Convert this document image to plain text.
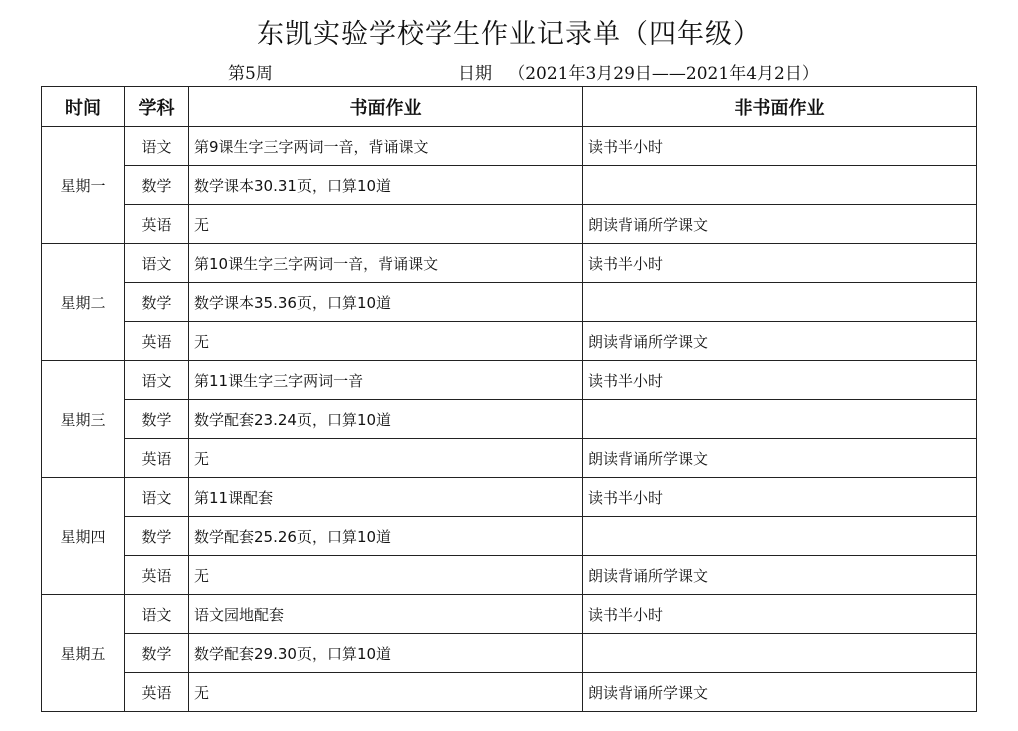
东凯实验学校学生作业记录单（四年级）
第5周	日期 （2021年3月29日——2021年4月2日）
时间	学科	书面作业	非书面作业
星期一	语文	第9课生字三字两词一音，背诵课文	读书半小时
	数学	数学课本30.31页，口算10道	
	英语	无	朗读背诵所学课文
星期二	语文	第10课生字三字两词一音，背诵课文	读书半小时
	数学	数学课本35.36页，口算10道	
	英语	无	朗读背诵所学课文
星期三	语文	第11课生字三字两词一音	读书半小时
	数学	数学配套23.24页，口算10道	
	英语	无	朗读背诵所学课文
星期四	语文	第11课配套	读书半小时
	数学	数学配套25.26页，口算10道	
	英语	无	朗读背诵所学课文
星期五	语文	语文园地配套	读书半小时
	数学	数学配套29.30页，口算10道	
	英语	无	朗读背诵所学课文
